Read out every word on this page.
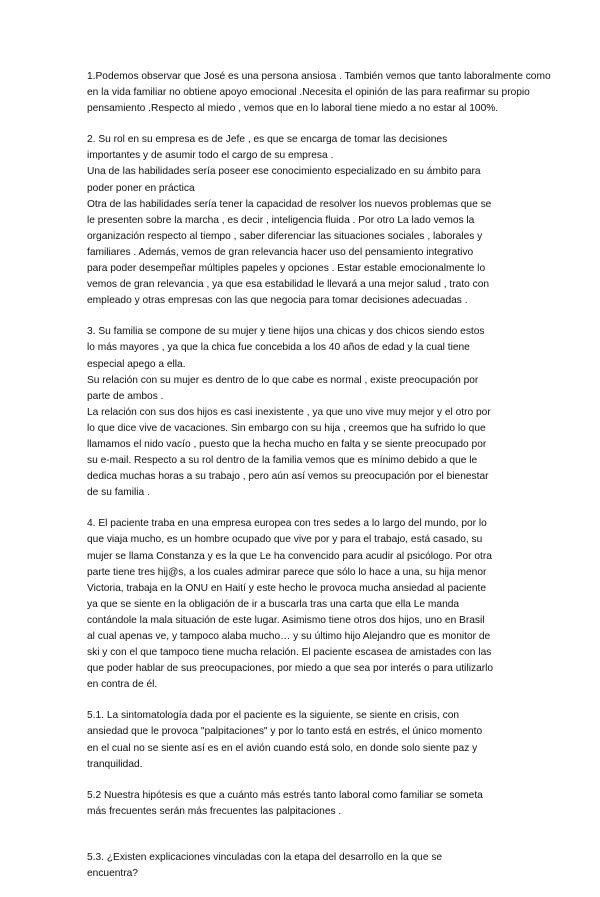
1.Podemos observar que José es una persona ansiosa . También vemos que tanto laboralmente como
en la vida familiar no obtiene apoyo emocional .Necesita el opinión de las para reafirmar su propio
pensamiento .Respecto al miedo , vemos que en lo laboral tiene miedo a no estar al 100%.
2. Su rol en su empresa es de Jefe , es que se encarga de tomar las decisiones
importantes y de asumir todo el cargo de su empresa .
Una de las habilidades sería poseer ese conocimiento especializado en su ámbito para
poder poner en práctica
Otra de las habilidades sería tener la capacidad de resolver los nuevos problemas que se
le presenten sobre la marcha , es decir , inteligencia fluida . Por otro La lado vemos la
organización respecto al tiempo , saber diferenciar las situaciones sociales , laborales y
familiares . Además, vemos de gran relevancia hacer uso del pensamiento integrativo
para poder desempeñar múltiples papeles y opciones . Estar estable emocionalmente lo
vemos de gran relevancia , ya que esa estabilidad le llevará a una mejor salud , trato con
empleado y otras empresas con las que negocia para tomar decisiones adecuadas .
3. Su familia se compone de su mujer y tiene hijos una chicas y dos chicos siendo estos
lo más mayores , ya que la chica fue concebida a los 40 años de edad y la cual tiene
especial apego a ella.
Su relación con su mujer es dentro de lo que cabe es normal , existe preocupación por
parte de ambos .
La relación con sus dos hijos es casi inexistente , ya que uno vive muy mejor y el otro por
lo que dice vive de vacaciones. Sin embargo con su hija , creemos que ha sufrido lo que
llamamos el nido vacío , puesto que la hecha mucho en falta y se siente preocupado por
su e-mail. Respecto a su rol dentro de la familia vemos que es mínimo debido a que le
dedica muchas horas a su trabajo , pero aún así vemos su preocupación por el bienestar
de su familia .
4. El paciente traba en una empresa europea con tres sedes a lo largo del mundo, por lo
que viaja mucho, es un hombre ocupado que vive por y para el trabajo, está casado, su
mujer se llama Constanza y es la que Le ha convencido para acudir al psicólogo. Por otra
parte tiene tres hij@s, a los cuales admirar parece que sólo lo hace a una, su hija menor
Victoria, trabaja en la ONU en Haití y este hecho le provoca mucha ansiedad al paciente
ya que se siente en la obligación de ir a buscarla tras una carta que ella Le manda
contándole la mala situación de este lugar. Asimismo tiene otros dos hijos, uno en Brasil
al cual apenas ve, y tampoco alaba mucho… y su último hijo Alejandro que es monitor de
ski y con el que tampoco tiene mucha relación. El paciente escasea de amistades con las
que poder hablar de sus preocupaciones, por miedo a que sea por interés o para utilizarlo
en contra de él.
5.1. La sintomatología dada por el paciente es la siguiente, se siente en crisis, con
ansiedad que le provoca "palpitaciones" y por lo tanto está en estrés, el único momento
en el cual no se siente así es en el avión cuando está solo, en donde solo siente paz y
tranquilidad.
5.2 Nuestra hipótesis es que a cuánto más estrés tanto laboral como familiar se someta
más frecuentes serán más frecuentes las palpitaciones .
5.3. ¿Existen explicaciones vinculadas con la etapa del desarrollo en la que se
encuentra?
